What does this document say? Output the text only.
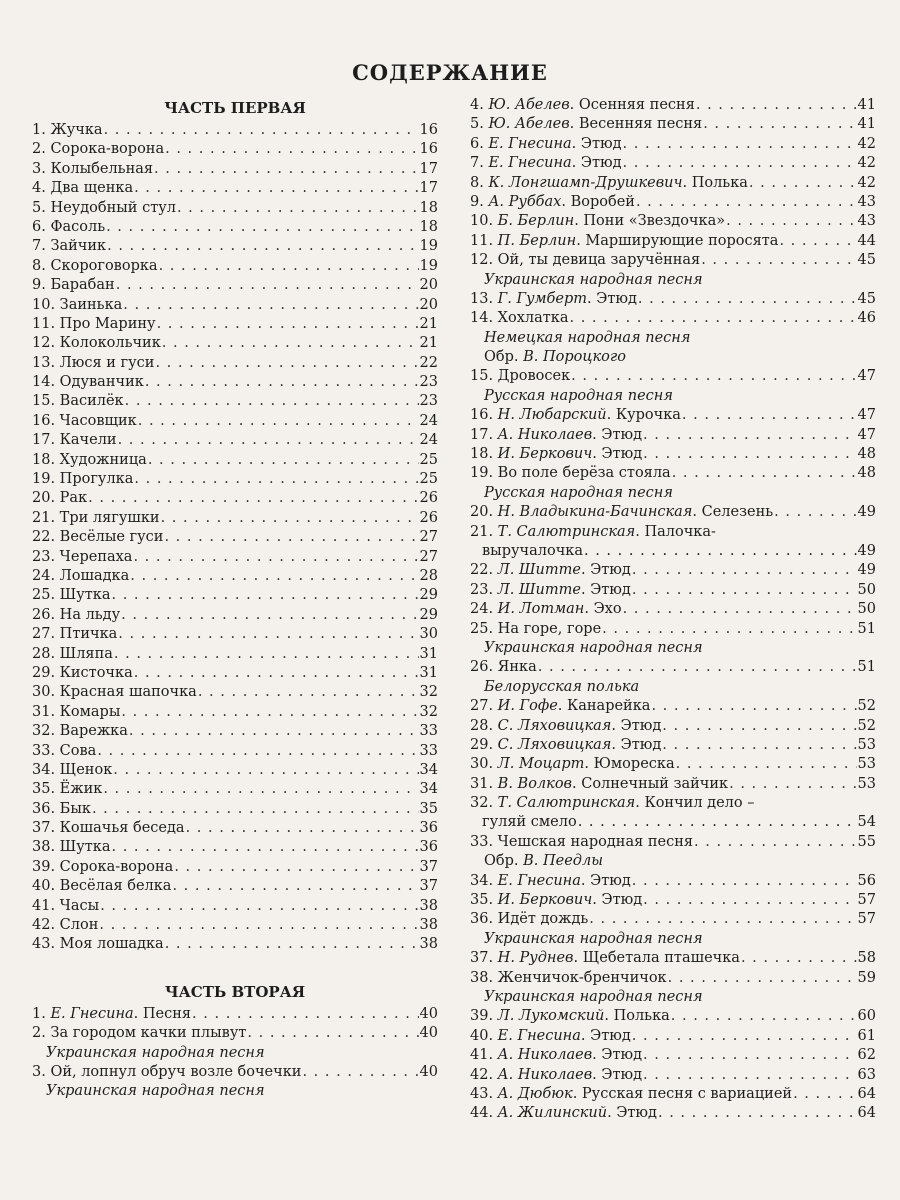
СОДЕРЖАНИЕ
ЧАСТЬ ПЕРВАЯ
1. Жучка . . .	16
2. Сорока-ворона . . .	16
3. Колыбельная . . .	17
4. Два щенка . . .	17
5. Неудобный стул . . .	18
6. Фасоль . . .	18
7. Зайчик . . .	19
8. Скороговорка . . .	19
9. Барабан . . .	20
10. Заинька . . .	20
11. Про Марину . . .	21
12. Колокольчик . . .	21
13. Люся и гуси . . .	22
14. Одуванчик . . .	23
15. Василёк . . .	23
16. Часовщик . . .	24
17. Качели . . .	24
18. Художница . . .	25
19. Прогулка . . .	25
20. Рак . . .	26
21. Три лягушки . . .	26
22. Весёлые гуси . . .	27
23. Черепаха . . .	27
24. Лошадка . . .	28
25. Шутка . . .	29
26. На льду . . .	29
27. Птичка . . .	30
28. Шляпа . . .	31
29. Кисточка . . .	31
30. Красная шапочка . . .	32
31. Комары . . .	32
32. Варежка . . .	33
33. Сова . . .	33
34. Щенок . . .	34
35. Ёжик . . .	34
36. Бык . . .	35
37. Кошачья беседа . . .	36
38. Шутка . . .	36
39. Сорока-ворона . . .	37
40. Весёлая белка . . .	37
41. Часы . . .	38
42. Слон . . .	38
43. Моя лошадка . . .	38
ЧАСТЬ ВТОРАЯ
1. Е. Гнесина. Песня . . .	40
2. За городом качки плывут . . .	40
Украинская народная песня
3. Ой, лопнул обруч возле бочечки . . .	40
Украинская народная песня
4. Ю. Абелев. Осенняя песня . . .	41
5. Ю. Абелев. Весенняя песня . . .	41
6. Е. Гнесина. Этюд . . .	42
7. Е. Гнесина. Этюд . . .	42
8. К. Лонгшамп-Друшкевич. Полька . . .	42
9. А. Руббах. Воробей . . .	43
10. Б. Берлин. Пони «Звездочка» . . .	43
11. П. Берлин. Марширующие поросята . . .	44
12. Ой, ты девица заручённая . . .	45
Украинская народная песня
13. Г. Гумберт. Этюд . . .	45
14. Хохлатка . . .	46
Немецкая народная песня
Обр. В. Пороцкого
15. Дровосек . . .	47
Русская народная песня
16. Н. Любарский. Курочка . . .	47
17. А. Николаев. Этюд . . .	47
18. И. Беркович. Этюд . . .	48
19. Во поле берёза стояла . . .	48
Русская народная песня
20. Н. Владыкина-Бачинская. Селезень . . .	49
21. Т. Салютринская. Палочка-
выручалочка . . .	49
22. Л. Шитте. Этюд . . .	49
23. Л. Шитте. Этюд . . .	50
24. И. Лотман. Эхо . . .	50
25. На горе, горе . . .	51
Украинская народная песня
26. Янка . . .	51
Белорусская полька
27. И. Гофе. Канарейка . . .	52
28. С. Ляховицкая. Этюд . . .	52
29. С. Ляховицкая. Этюд . . .	53
30. Л. Моцарт. Юмореска . . .	53
31. В. Волков. Солнечный зайчик . . .	53
32. Т. Салютринская. Кончил дело –
гуляй смело . . .	54
33. Чешская народная песня . . .	55
Обр. В. Пеедлы
34. Е. Гнесина. Этюд . . .	56
35. И. Беркович. Этюд . . .	57
36. Идёт дождь . . .	57
Украинская народная песня
37. Н. Руднев. Щебетала пташечка . . .	58
38. Женчичок-бренчичок . . .	59
Украинская народная песня
39. Л. Лукомский. Полька . . .	60
40. Е. Гнесина. Этюд . . .	61
41. А. Николаев. Этюд . . .	62
42. А. Николаев. Этюд . . .	63
43. А. Дюбюк. Русская песня с вариацией . . .	64
44. А. Жилинский. Этюд . . .	64
